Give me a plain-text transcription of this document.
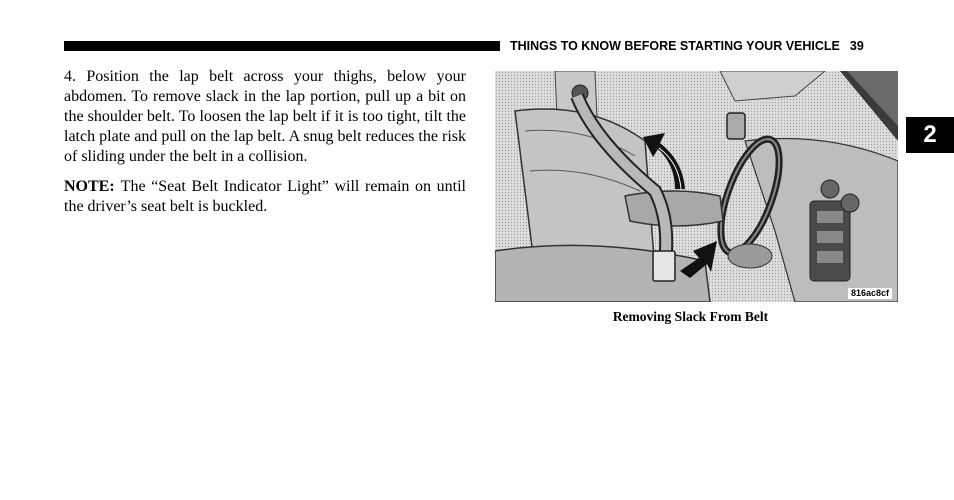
THINGS TO KNOW BEFORE STARTING YOUR VEHICLE 39
2

4. Position the lap belt across your thighs, below your abdomen. To remove slack in the lap portion, pull up a bit on the shoulder belt. To loosen the lap belt if it is too tight, tilt the latch plate and pull on the lap belt. A snug belt reduces the risk of sliding under the belt in a collision.

NOTE: The “Seat Belt Indicator Light” will remain on until the driver’s seat belt is buckled.

816ac8cf
Removing Slack From Belt
